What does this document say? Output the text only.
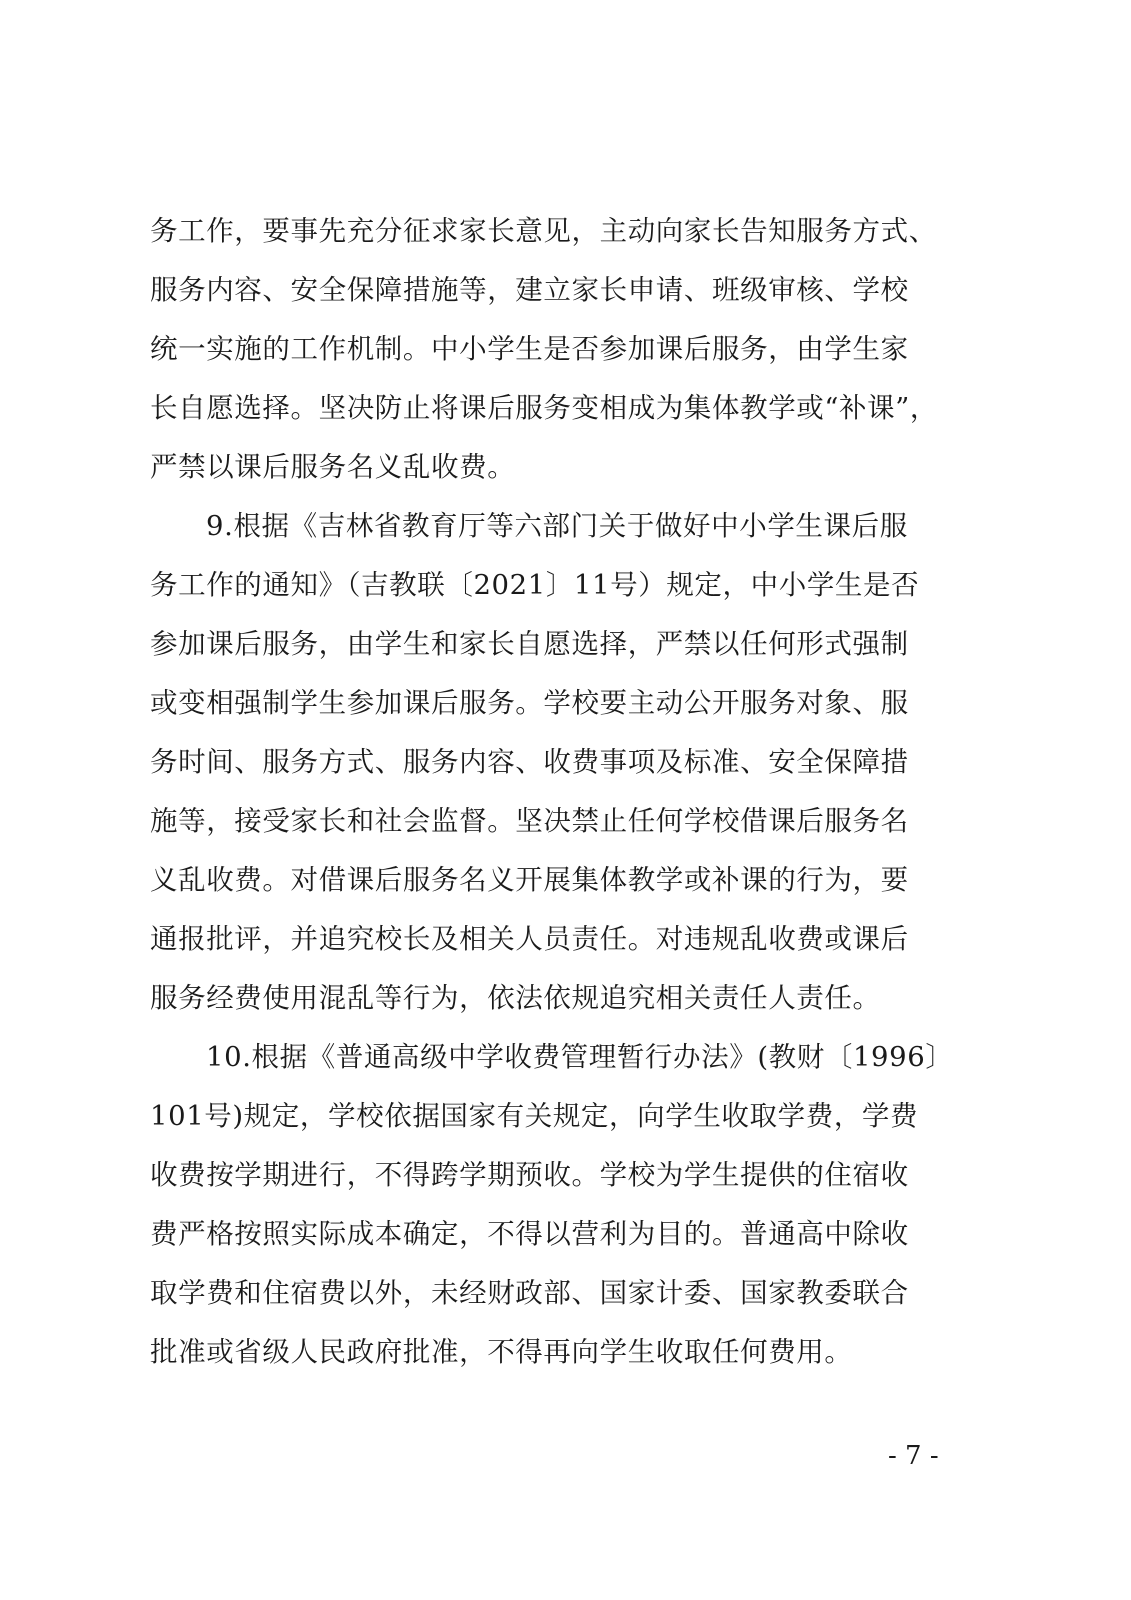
务工作，要事先充分征求家长意见，主动向家长告知服务方式、
服务内容、安全保障措施等，建立家长申请、班级审核、学校
统一实施的工作机制。中小学生是否参加课后服务，由学生家
长自愿选择。坚决防止将课后服务变相成为集体教学或“补课”，
严禁以课后服务名义乱收费。
9.根据《吉林省教育厅等六部门关于做好中小学生课后服
务工作的通知》（吉教联〔2021〕11号）规定，中小学生是否
参加课后服务，由学生和家长自愿选择，严禁以任何形式强制
或变相强制学生参加课后服务。学校要主动公开服务对象、服
务时间、服务方式、服务内容、收费事项及标准、安全保障措
施等，接受家长和社会监督。坚决禁止任何学校借课后服务名
义乱收费。对借课后服务名义开展集体教学或补课的行为，要
通报批评，并追究校长及相关人员责任。对违规乱收费或课后
服务经费使用混乱等行为，依法依规追究相关责任人责任。
10.根据《普通高级中学收费管理暂行办法》(教财〔1996〕
101号)规定，学校依据国家有关规定，向学生收取学费，学费
收费按学期进行，不得跨学期预收。学校为学生提供的住宿收
费严格按照实际成本确定，不得以营利为目的。普通高中除收
取学费和住宿费以外，未经财政部、国家计委、国家教委联合
批准或省级人民政府批准，不得再向学生收取任何费用。
- 7 -
